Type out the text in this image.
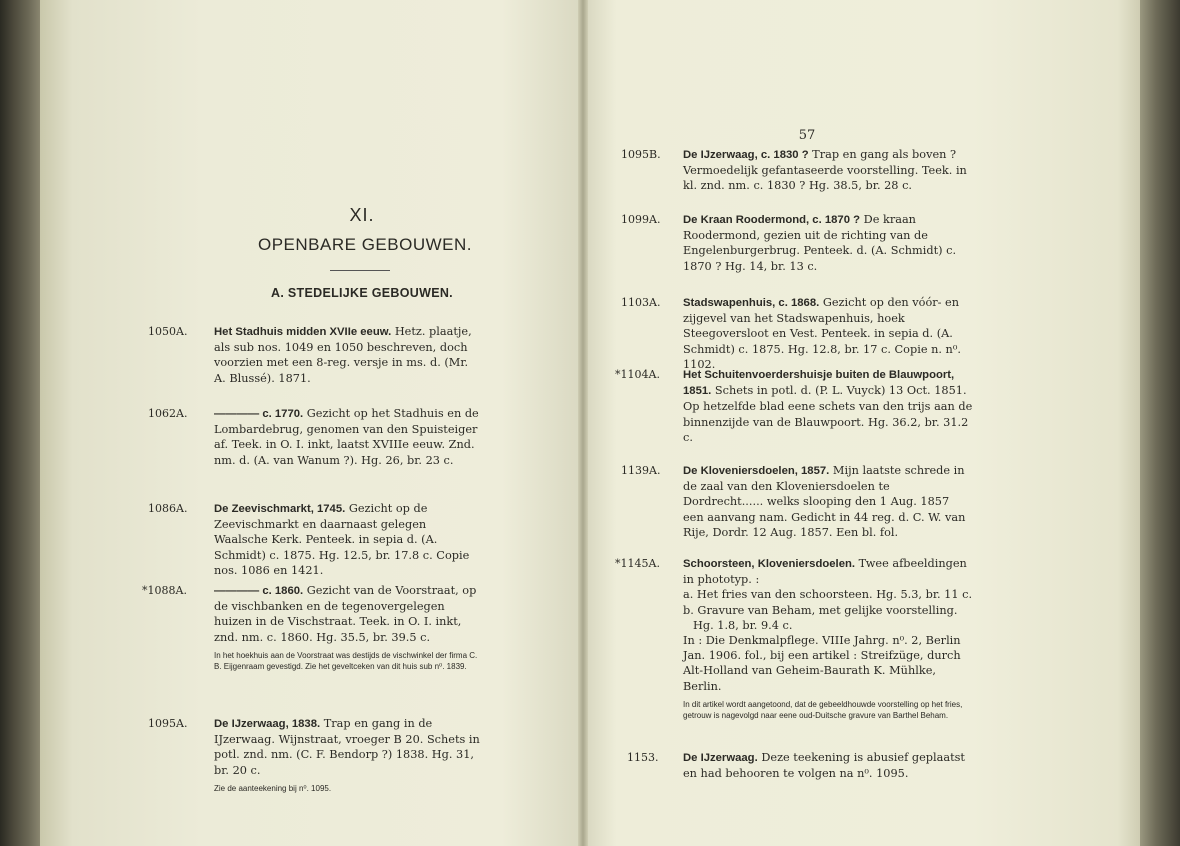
XI.
OPENBARE GEBOUWEN.
A. STEDELIJKE GEBOUWEN.
57
1050A. Het Stadhuis midden XVIIe eeuw. Hetz. plaatje, als sub nos. 1049 en 1050 beschreven, doch voorzien met een 8-reg. versje in ms. d. (Mr. A. Blussé). 1871.
1062A. ———— c. 1770. Gezicht op het Stadhuis en de Lombardebrug, genomen van den Spuisteiger af. Teek. in O. I. inkt, laatst XVIIIe eeuw. Znd. nm. d. (A. van Wanum ?). Hg. 26, br. 23 c.
1086A. De Zeevischmarkt, 1745. Gezicht op de Zeevischmarkt en daarnaast gelegen Waalsche Kerk. Penteek. in sepia d. (A. Schmidt) c. 1875. Hg. 12.5, br. 17.8 c. Copie nos. 1086 en 1421.
*1088A. ———— c. 1860. Gezicht van de Voorstraat, op de vischbanken en de tegenovergelegen huizen in de Vischstraat. Teek. in O. I. inkt, znd. nm. c. 1860. Hg. 35.5, br. 39.5 c.
In het hoekhuis aan de Voorstraat was destijds de vischwinkel der firma C. B. Eijgenraam gevestigd. Zie het geveltceken van dit huis sub n⁰. 1839.
1095A. De IJzerwaag, 1838. Trap en gang in de IJzerwaag. Wijnstraat, vroeger B 20. Schets in potl. znd. nm. (C. F. Bendorp ?) 1838. Hg. 31, br. 20 c.
Zie de aanteekening bij n⁰. 1095.
1095B. De IJzerwaag, c. 1830 ? Trap en gang als boven ? Vermoedelijk gefantaseerde voorstelling. Teek. in kl. znd. nm. c. 1830 ? Hg. 38.5, br. 28 c.
1099A. De Kraan Roodermond, c. 1870 ? De kraan Roodermond, gezien uit de richting van de Engelenburgerbrug. Penteek. d. (A. Schmidt) c. 1870 ? Hg. 14, br. 13 c.
1103A. Stadswapenhuis, c. 1868. Gezicht op den vóór- en zijgevel van het Stadswapenhuis, hoek Steegoversloot en Vest. Penteek. in sepia d. (A. Schmidt) c. 1875. Hg. 12.8, br. 17 c. Copie n. n⁰. 1102.
*1104A. Het Schuitenvoerdershuisje buiten de Blauwpoort, 1851. Schets in potl. d. (P. L. Vuyck) 13 Oct. 1851. Op hetzelfde blad eene schets van den trijs aan de binnenzijde van de Blauwpoort. Hg. 36.2, br. 31.2 c.
1139A. De Kloveniersdoelen, 1857. Mijn laatste schrede in de zaal van den Kloveniersdoelen te Dordrecht...... welks slooping den 1 Aug. 1857 een aanvang nam. Gedicht in 44 reg. d. C. W. van Rije, Dordr. 12 Aug. 1857. Een bl. fol.
*1145A. Schoorsteen, Kloveniersdoelen. Twee afbeeldingen in phototyp. :
a. Het fries van den schoorsteen. Hg. 5.3, br. 11 c.
b. Gravure van Beham, met gelijke voorstelling. Hg. 1.8, br. 9.4 c.
In : Die Denkmalpflege. VIIIe Jahrg. n⁰. 2, Berlin Jan. 1906. fol., bij een artikel : Streifzüge, durch Alt-Holland van Geheim-Baurath K. Mühlke, Berlin.
In dit artikel wordt aangetoond, dat de gebeeldhouwde voorstelling op het fries, getrouw is nagevolgd naar eene oud-Duitsche gravure van Barthel Beham.
1153. De IJzerwaag. Deze teekening is abusief geplaatst en had behooren te volgen na n⁰. 1095.
